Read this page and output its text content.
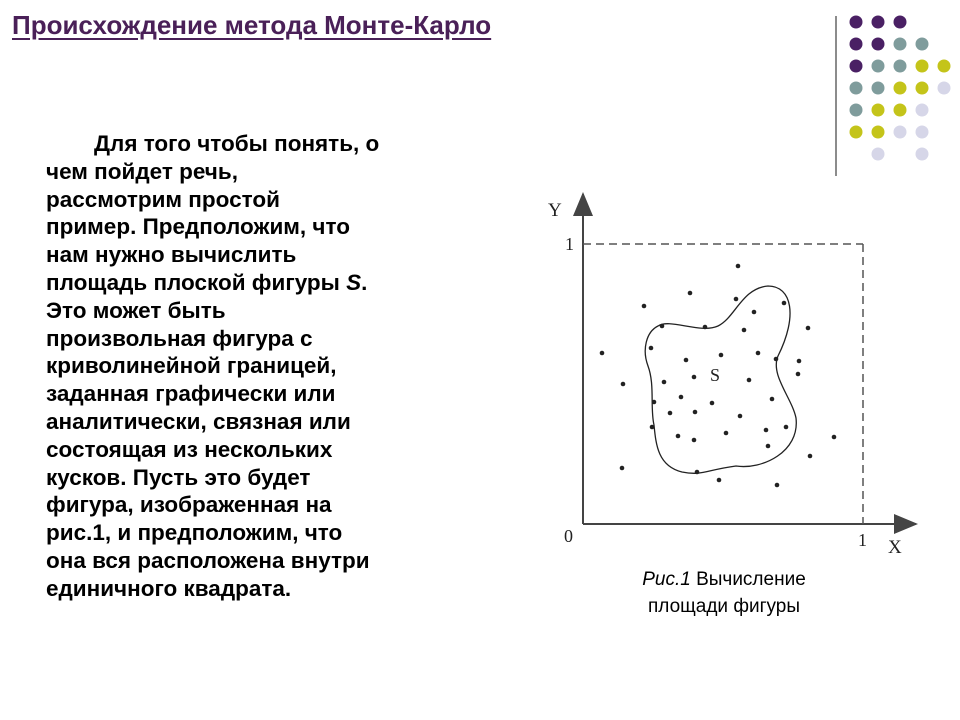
Происхождение метода Монте-Карло

Для того чтобы понять, о
чем пойдет речь,
рассмотрим простой
пример. Предположим, что
нам нужно вычислить
площадь плоской фигуры S.
Это может быть
произвольная фигура с
криволинейной границей,
заданная графически или
аналитически, связная или
состоящая из нескольких
кусков. Пусть это будет
фигура, изображенная на
рис.1, и предположим, что
она вся расположена внутри
единичного квадрата.

Y
X
0
1
1
S
Рис.1 Вычисление
площади фигуры
